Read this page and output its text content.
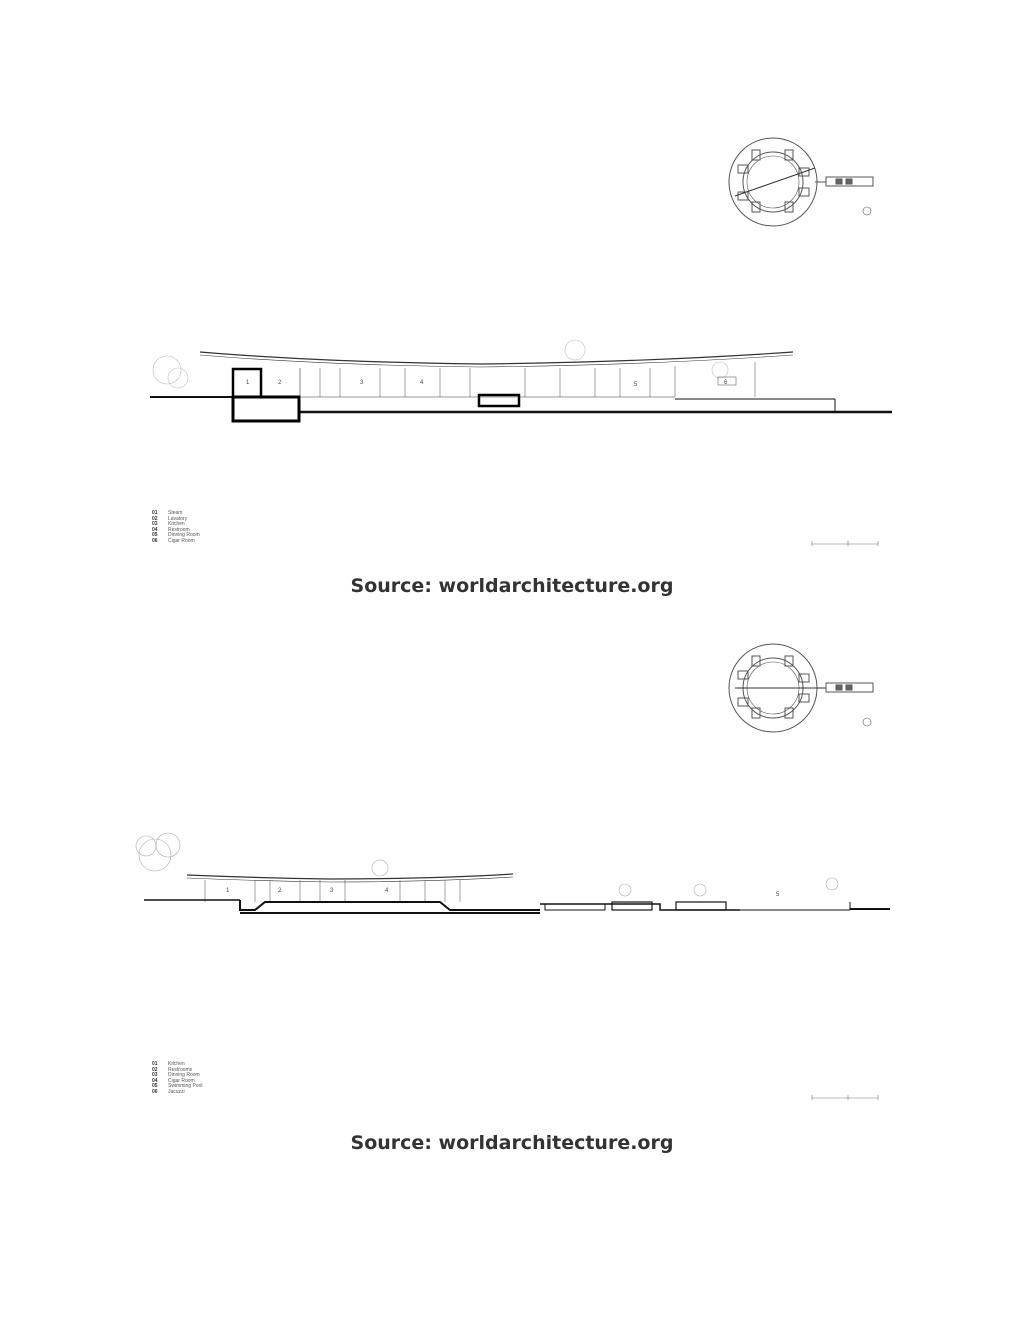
1	2	3	4	5	6
01	Steam
02	Lavatory
03	Kitchen
04	Restroom
05	Dinning Room
06	Cigar Room
Source: worldarchitecture.org
1	2	3	4
5
01	Kitchen
02	Restrooms
03	Dinning Room
04	Cigar Room
05	Swimming Pool
06	Jacuzzi
Source: worldarchitecture.org
